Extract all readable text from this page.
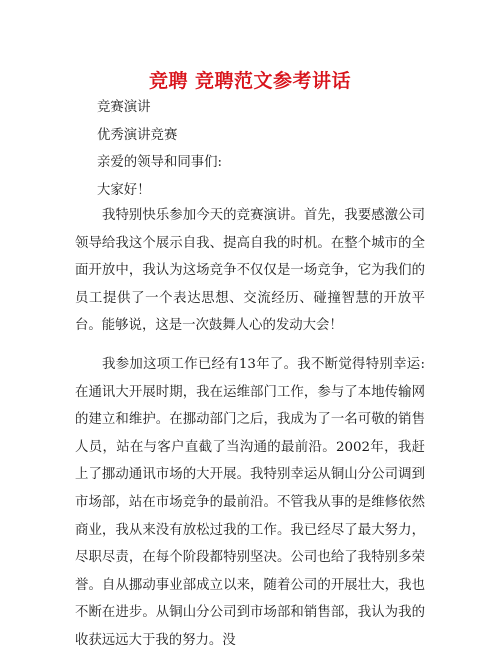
竞聘 竞聘范文参考讲话
竞赛演讲
优秀演讲竞赛
亲爱的领导和同事们:
大家好！
我特别快乐参加今天的竞赛演讲。首先，我要感激公司领导给我这个展示自我、提高自我的时机。在整个城市的全面开放中，我认为这场竞争不仅仅是一场竞争，它为我们的员工提供了一个表达思想、交流经历、碰撞智慧的开放平台。能够说，这是一次鼓舞人心的发动大会！
我参加这项工作已经有13年了。我不断觉得特别幸运:在通讯大开展时期，我在运维部门工作，参与了本地传输网的建立和维护。在挪动部门之后，我成为了一名可敬的销售人员，站在与客户直截了当沟通的最前沿。2002年，我赶上了挪动通讯市场的大开展。我特别幸运从铜山分公司调到市场部，站在市场竞争的最前沿。不管我从事的是维修依然商业，我从来没有放松过我的工作。我已经尽了最大努力，尽职尽责，在每个阶段都特别坚决。公司也给了我特别多荣誉。自从挪动事业部成立以来，随着公司的开展壮大，我也不断在进步。从铜山分公司到市场部和销售部，我认为我的收获远远大于我的努力。没
